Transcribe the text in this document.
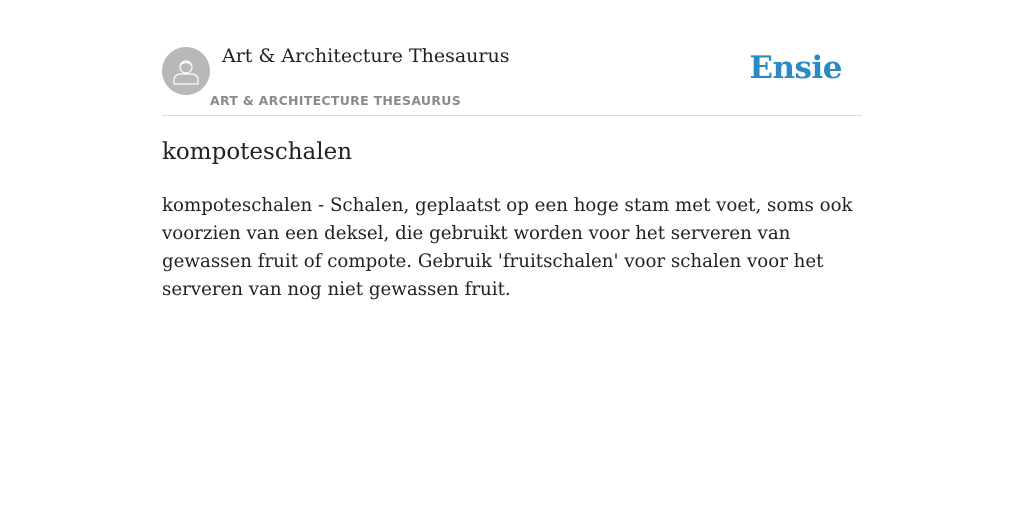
Art & Architecture Thesaurus
ART & ARCHITECTURE THESAURUS
Ensie
kompoteschalen

kompoteschalen - Schalen, geplaatst op een hoge stam met voet, soms ook voorzien van een deksel, die gebruikt worden voor het serveren van gewassen fruit of compote. Gebruik 'fruitschalen' voor schalen voor het serveren van nog niet gewassen fruit.
